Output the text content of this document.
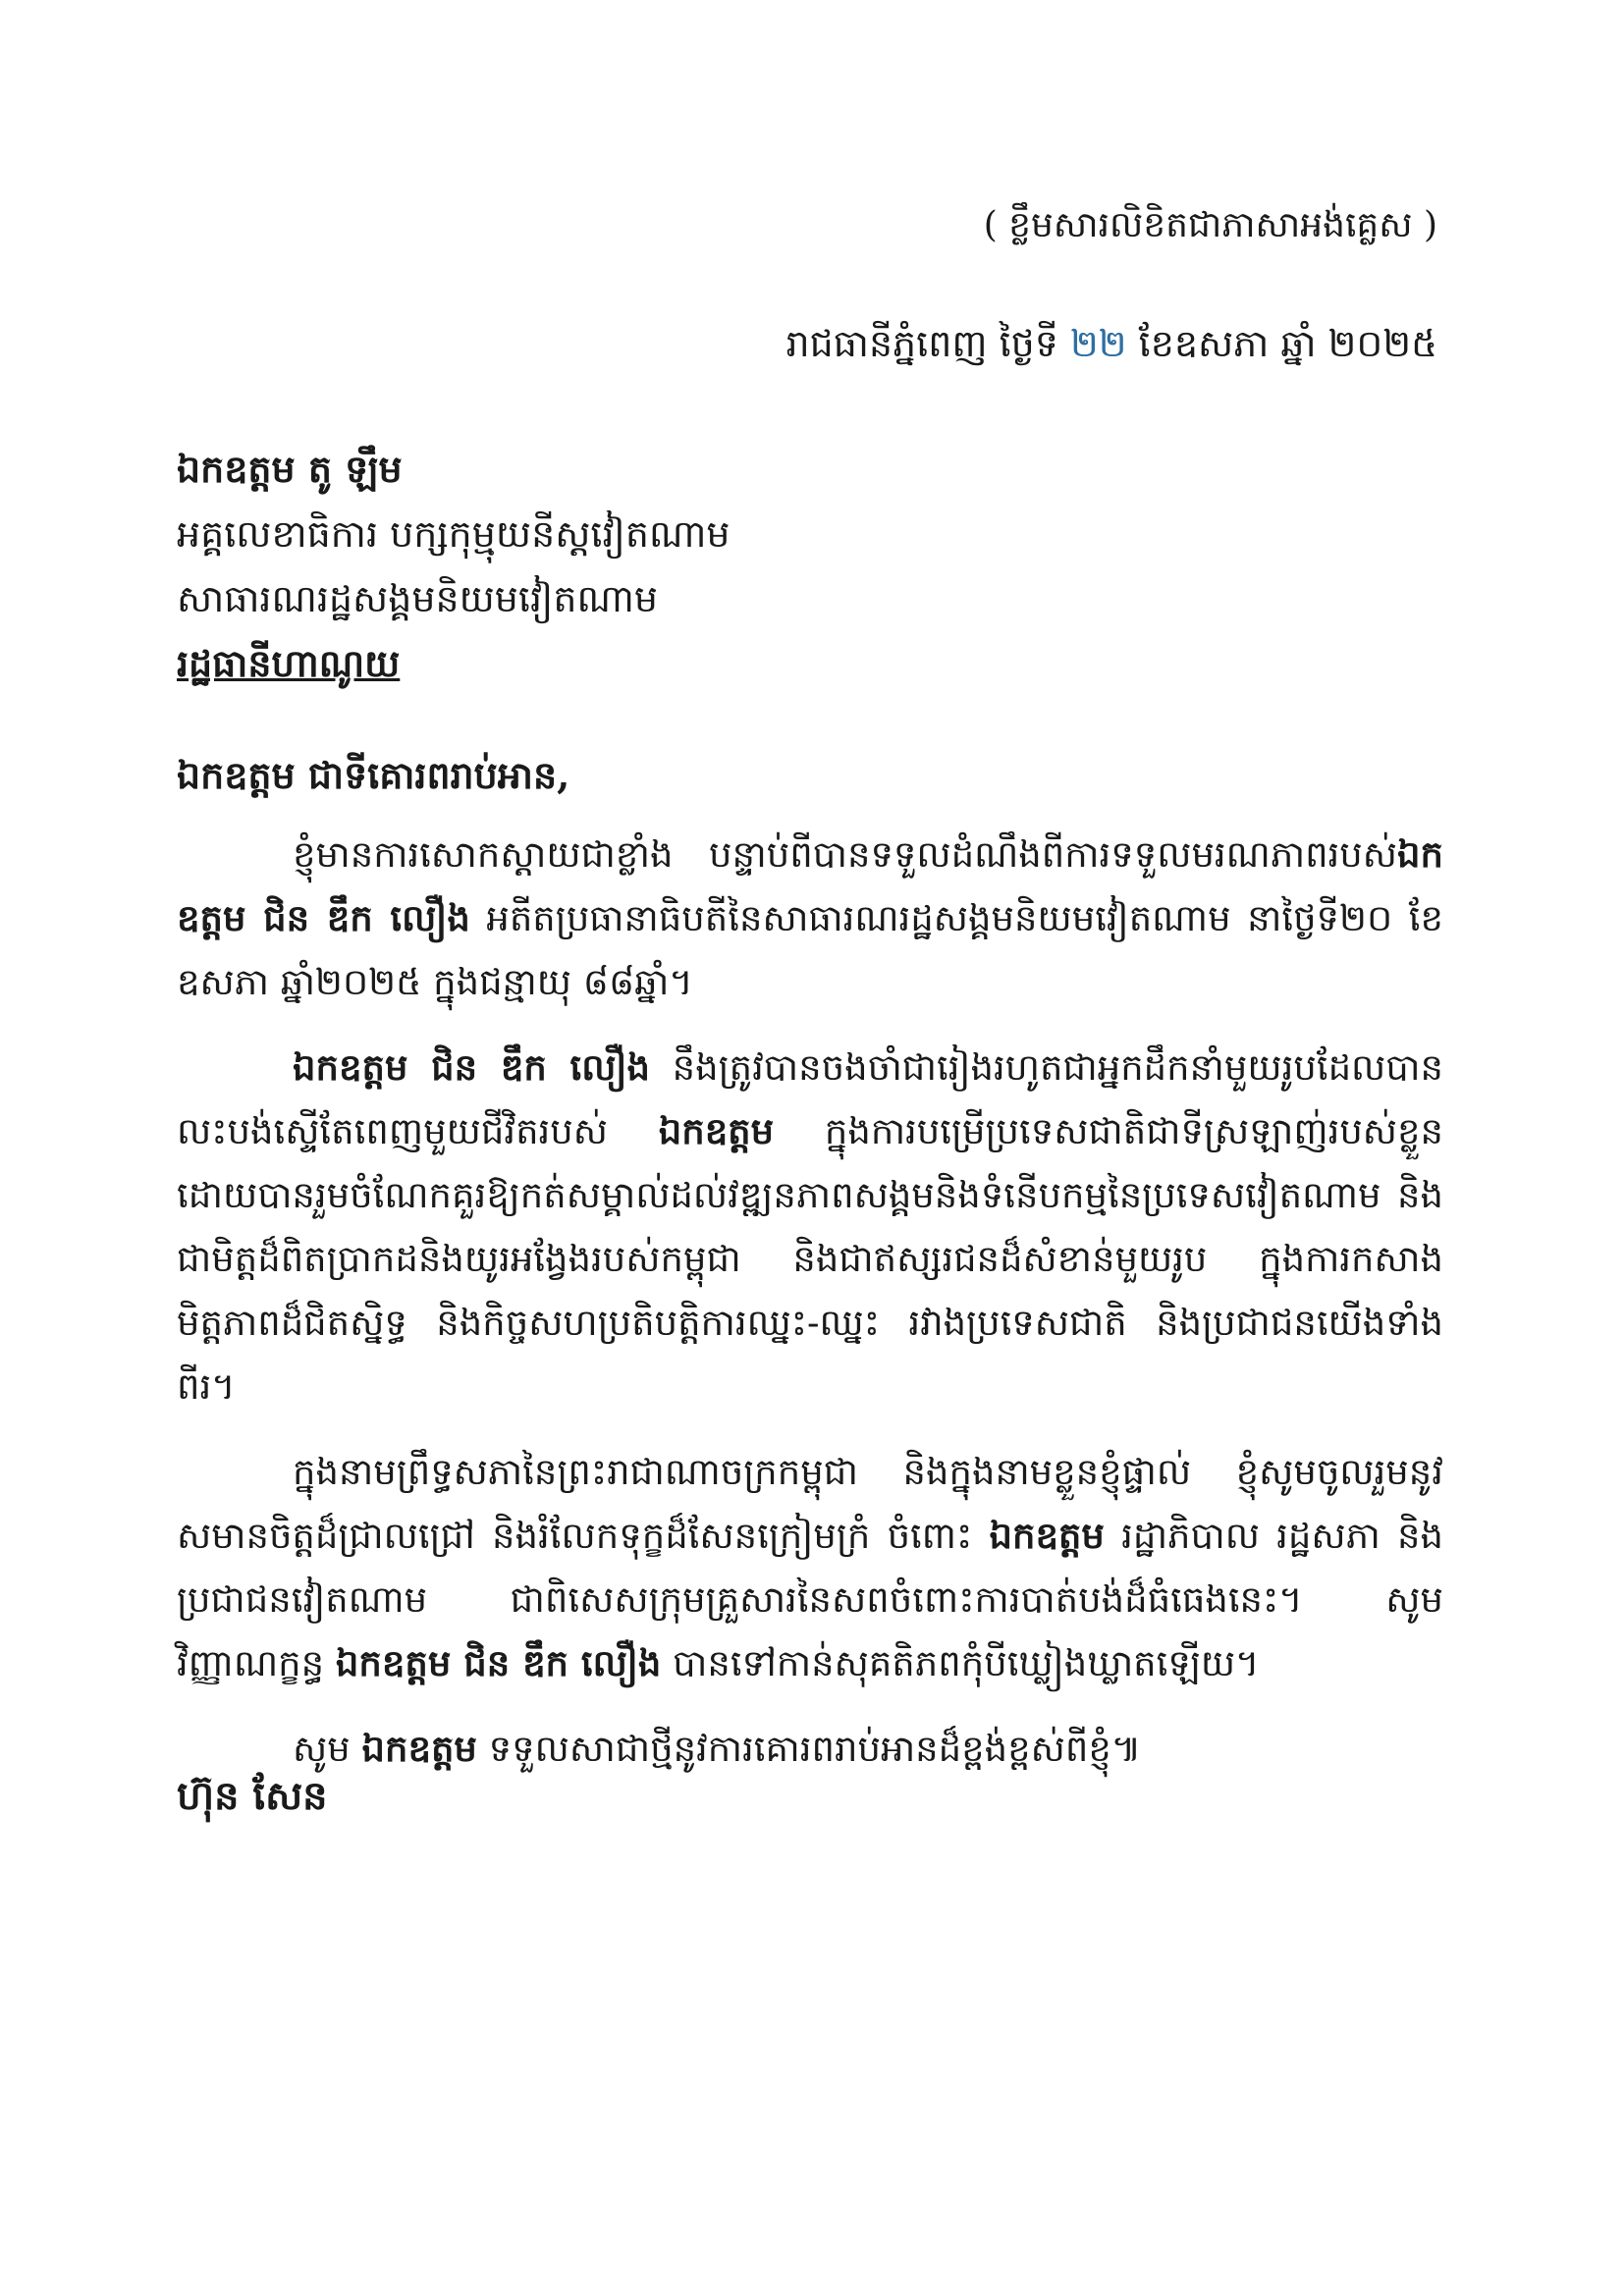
( ខ្លឹមសារលិខិតជាភាសាអង់គ្លេស )
រាជធានីភ្នំពេញ ថ្ងៃទី ២២ ខែឧសភា ឆ្នាំ ២០២៥
ឯកឧត្តម តូ ឡឹម
អគ្គលេខាធិការ បក្សកុម្មុយនីស្តវៀតណាម
សាធារណរដ្ឋសង្គមនិយមវៀតណាម
រដ្ឋធានីហាណូយ
ឯកឧត្តម ជាទីគោរពរាប់អាន,

ខ្ញុំមានការសោកស្តាយជាខ្លាំង បន្ទាប់ពីបានទទួលដំណឹងពីការទទួលមរណភាពរបស់ឯកឧត្តម ជិន ឌឹក លឿង អតីតប្រធានាធិបតីនៃសាធារណរដ្ឋសង្គមនិយមវៀតណាម នាថ្ងៃទី២០ ខែឧសភា ឆ្នាំ២០២៥ ក្នុងជន្មាយុ ៨៨ឆ្នាំ។

ឯកឧត្តម ជិន ឌឹក លឿង នឹងត្រូវបានចងចាំជារៀងរហូតជាអ្នកដឹកនាំមួយរូបដែលបានលះបង់ស្ទើតែពេញមួយជីវិតរបស់ ឯកឧត្តម ក្នុងការបម្រើប្រទេសជាតិជាទីស្រឡាញ់របស់ខ្លួន ដោយបានរួមចំណែកគួរឱ្យកត់សម្គាល់ដល់វឌ្ឍនភាពសង្គមនិងទំនើបកម្មនៃប្រទេសវៀតណាម និងជាមិត្តដ៏ពិតប្រាកដនិងយូរអង្វែងរបស់កម្ពុជា និងជាឥស្សរជនដ៏សំខាន់មួយរូប ក្នុងការកសាងមិត្តភាពដ៏ជិតស្និទ្ធ និងកិច្ចសហប្រតិបត្តិការឈ្នះ-ឈ្នះ រវាងប្រទេសជាតិ និងប្រជាជនយើងទាំងពីរ។

ក្នុងនាមព្រឹទ្ធសភានៃព្រះរាជាណាចក្រកម្ពុជា និងក្នុងនាមខ្លួនខ្ញុំផ្ទាល់ ខ្ញុំសូមចូលរួមនូវសមានចិត្តដ៏ជ្រាលជ្រៅ និងរំលែកទុក្ខដ៏សែនក្រៀមក្រំ ចំពោះ ឯកឧត្តម រដ្ឋាភិបាល រដ្ឋសភា និងប្រជាជនវៀតណាម ជាពិសេសក្រុមគ្រួសារនៃសពចំពោះការបាត់បង់ដ៏ធំធេងនេះ។ សូមវិញ្ញាណក្ខន្ធ ឯកឧត្តម ជិន ឌឹក លឿង បានទៅកាន់សុគតិភពកុំបីឃ្លៀងឃ្លាតឡើយ។

សូម ឯកឧត្តម ទទួលសាជាថ្មីនូវការគោរពរាប់អានដ៏ខ្ពង់ខ្ពស់ពីខ្ញុំ៕

ហ៊ុន សែន
